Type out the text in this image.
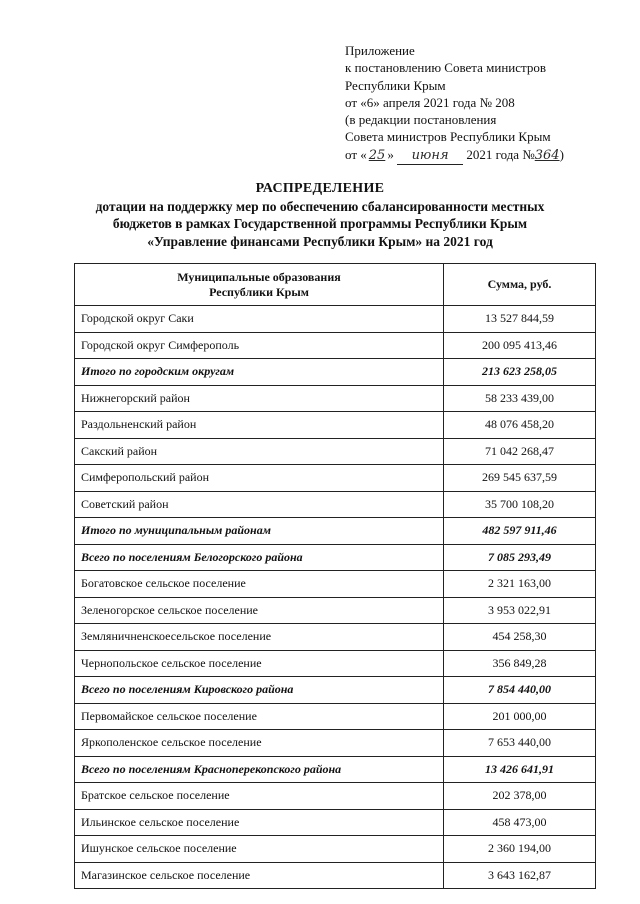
Приложение
к постановлению Совета министров
Республики Крым
от «6» апреля 2021 года № 208
(в редакции постановления
Совета министров Республики Крым
от « 25 » июня 2021 года №364)
РАСПРЕДЕЛЕНИЕ
дотации на поддержку мер по обеспечению сбалансированности местных
бюджетов в рамках Государственной программы Республики Крым
«Управление финансами Республики Крым» на 2021 год
Муниципальные образования
Республики Крым	Сумма, руб.
Городской округ Саки	13 527 844,59
Городской округ Симферополь	200 095 413,46
Итого по городским округам	213 623 258,05
Нижнегорский район	58 233 439,00
Раздольненский район	48 076 458,20
Сакский район	71 042 268,47
Симферопольский район	269 545 637,59
Советский район	35 700 108,20
Итого по муниципальным районам	482 597 911,46
Всего по поселениям Белогорского района	7 085 293,49
Богатовское сельское поселение	2 321 163,00
Зеленогорское сельское поселение	3 953 022,91
Земляничненскоесельское поселение	454 258,30
Чернопольское сельское поселение	356 849,28
Всего по поселениям Кировского района	7 854 440,00
Первомайское сельское поселение	201 000,00
Яркополенское сельское поселение	7 653 440,00
Всего по поселениям Красноперекопского района	13 426 641,91
Братское сельское поселение	202 378,00
Ильинское сельское поселение	458 473,00
Ишунское сельское поселение	2 360 194,00
Магазинское сельское поселение	3 643 162,87
